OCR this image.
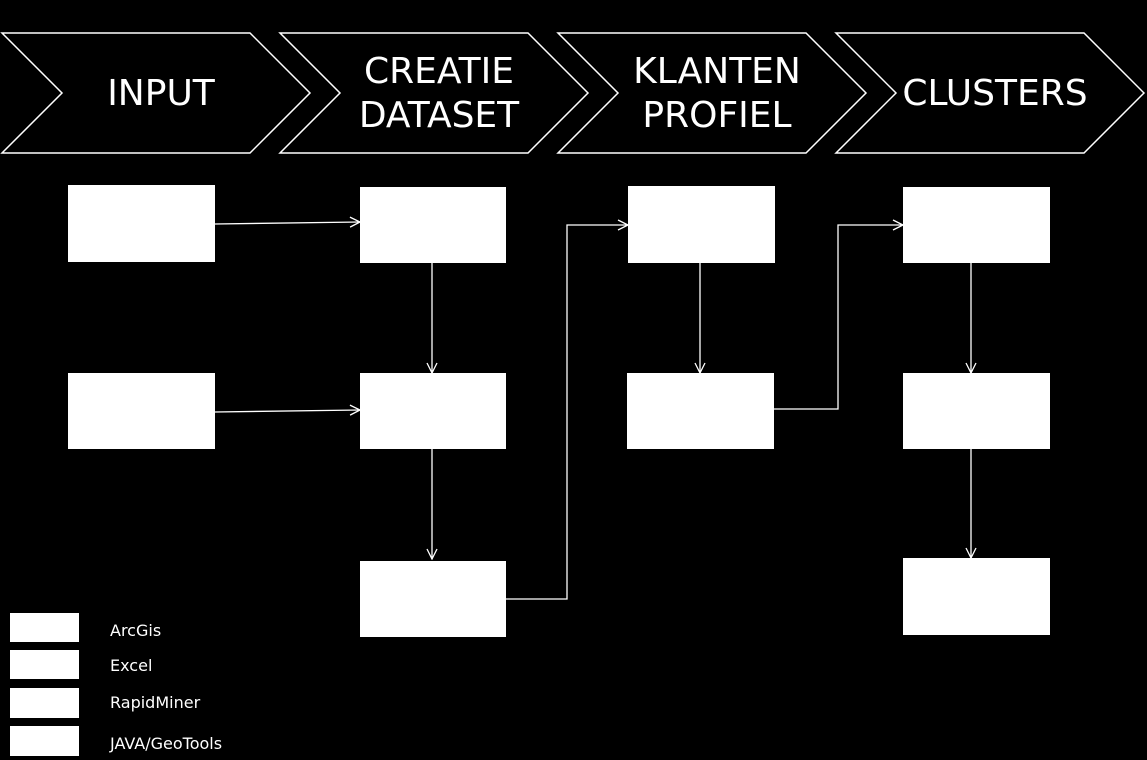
INPUT
CREATIE
DATASET
KLANTEN
PROFIEL
CLUSTERS
ArcGis
Excel
RapidMiner
JAVA/GeoTools
